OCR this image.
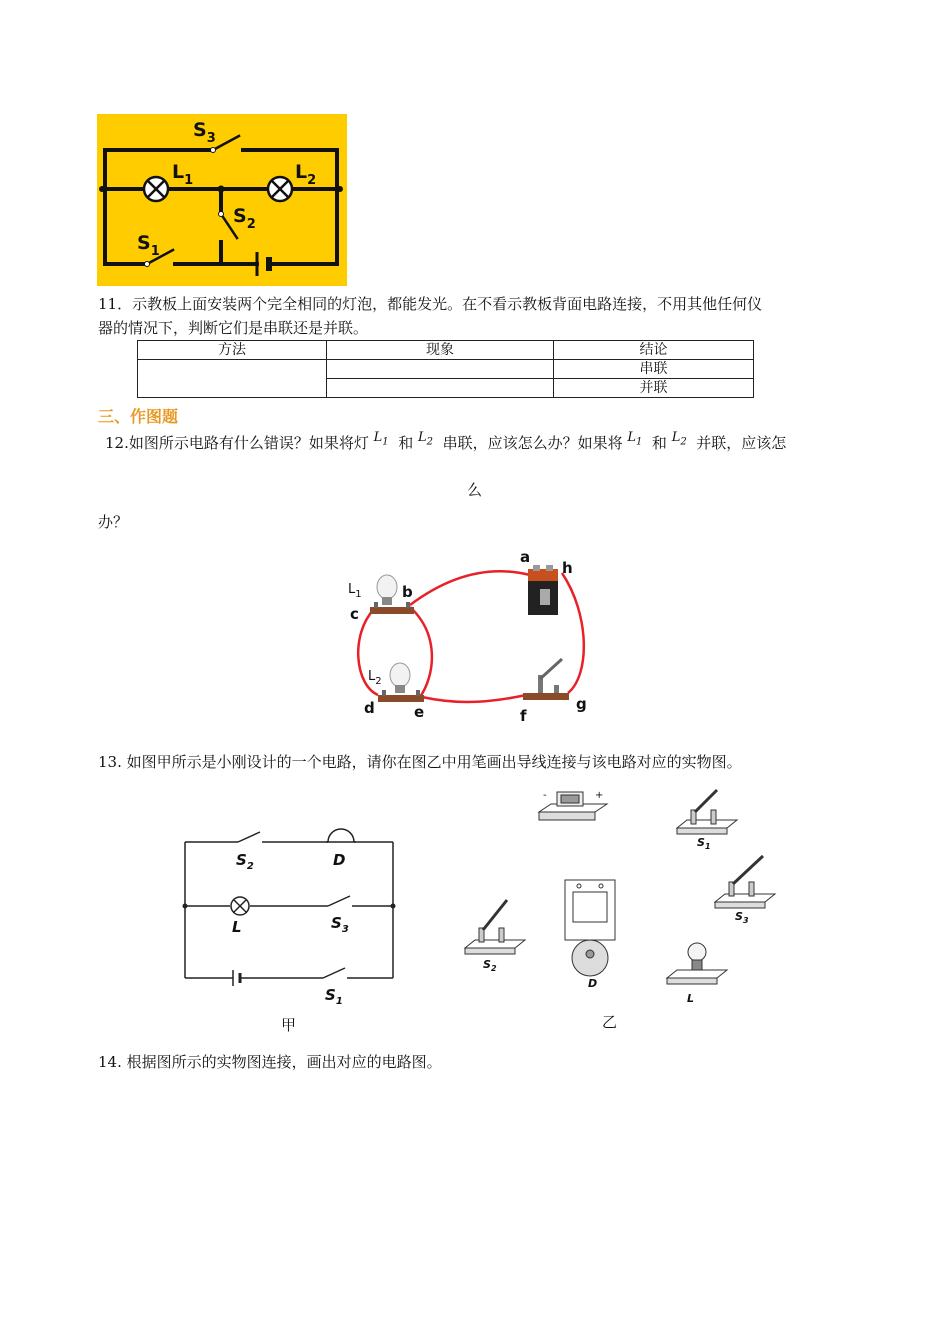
$S_3$
$L_1$	$L_2$
$S_2$
$S_1$
11．示教板上面安装两个完全相同的灯泡，都能发光。在不看示教板背面电路连接，不用其他任何仪
器的情况下，判断它们是串联还是并联。
方法	现象	结论
		串联
		并联
三、作图题
12.如图所示电路有什么错误？如果将灯 $L_1$ 和 $L_2$ 串联，应该怎么办？如果将 $L_1$ 和 $L_2$ 并联，应该怎
么
办？
a
h
b
c
d	e	f
g
$L_1$
$L_2$
13. 如图甲所示是小刚设计的一个电路，请你在图乙中用笔画出导线连接与该电路对应的实物图。
$S_2$	D
L	$S_3$
$S_1$
甲
-	+
$S_1$
$S_3$
$S_2$
D
L
乙
14. 根据图所示的实物图连接，画出对应的电路图。
